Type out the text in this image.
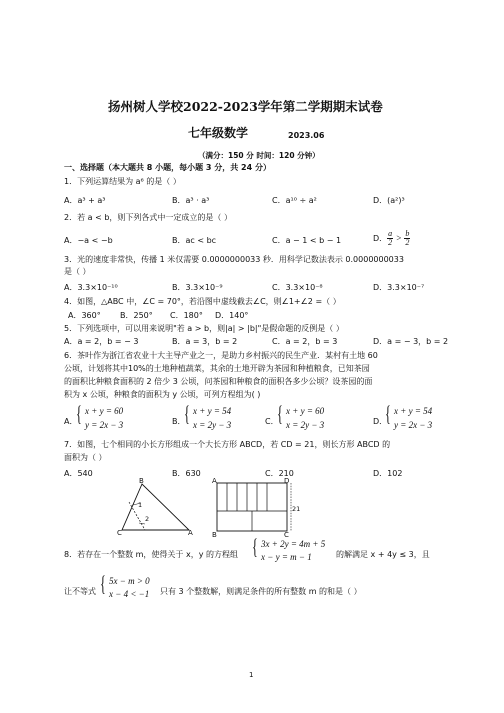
扬州树人学校2022-2023学年第二学期期末试卷
七年级数学	2023.06
（满分：150 分 时间：120 分钟）
一、选择题（本大题共 8 小题，每小题 3 分，共 24 分）
1．下列运算结果为 a⁶ 的是（ ）
A．a³ + a³	B．a³ · a³	C．a¹⁰ ÷ a²	D．(a²)³
2．若 a < b，则下列各式中一定成立的是（ ）
A．−a < −b	B．ac < bc	C．a − 1 < b − 1	D． $\frac{a}{2} > \frac{b}{2}$
3．光的速度非常快，传播 1 米仅需要 0.0000000033 秒．用科学记数法表示 0.0000000033
是（ ）
A．3.3×10⁻¹⁰	B．3.3×10⁻⁹	C．3.3×10⁻⁸	D．3.3×10⁻⁷
4．如图，△ABC 中，∠C = 70°，若沿图中虚线截去∠C，则∠1+∠2 =（ ）
A．360° B．250° C．180° D．140°
5．下列选项中，可以用来说明"若 a > b，则|a| > |b|"是假命题的反例是（ ）
A．a = 2，b = − 3	B．a = 3，b = 2	C．a = 2，b = 3	D．a = − 3，b = 2
6．茶叶作为浙江省农业十大主导产业之一，是助力乡村振兴的民生产业．某村有土地 60
公顷，计划将其中10%的土地种植蔬菜，其余的土地开辟为茶园和种植粮食，已知茶园
的面积比种粮食面积的 2 倍少 3 公顷，问茶园和种粮食的面积各多少公顷？设茶园的面
积为 x 公顷，种粮食的面积为 y 公顷，可列方程组为( )
A．
{ x + y = 60
y = 2x − 3	B．
{ x + y = 54
x = 2y − 3	C．
{ x + y = 60
x = 2y − 3	D．
{ x + y = 54
y = 2x − 3
7．如图，七个相同的小长方形组成一个大长方形 ABCD，若 CD = 21，则长方形 ABCD 的
面积为（ ）
A．540	B．630	C．210	D．102
B
C	A
1
2
A	D
B	C
21
8．若存在一个整数 m，使得关于 x，y 的方程组 { 3x + 2y = 4m + 5
x − y = m − 1	的解满足 x + 4y ≤ 3，且
让不等式 { 5x − m > 0
x − 4 < −1 只有 3 个整数解，则满足条件的所有整数 m 的和是（ ）
1
